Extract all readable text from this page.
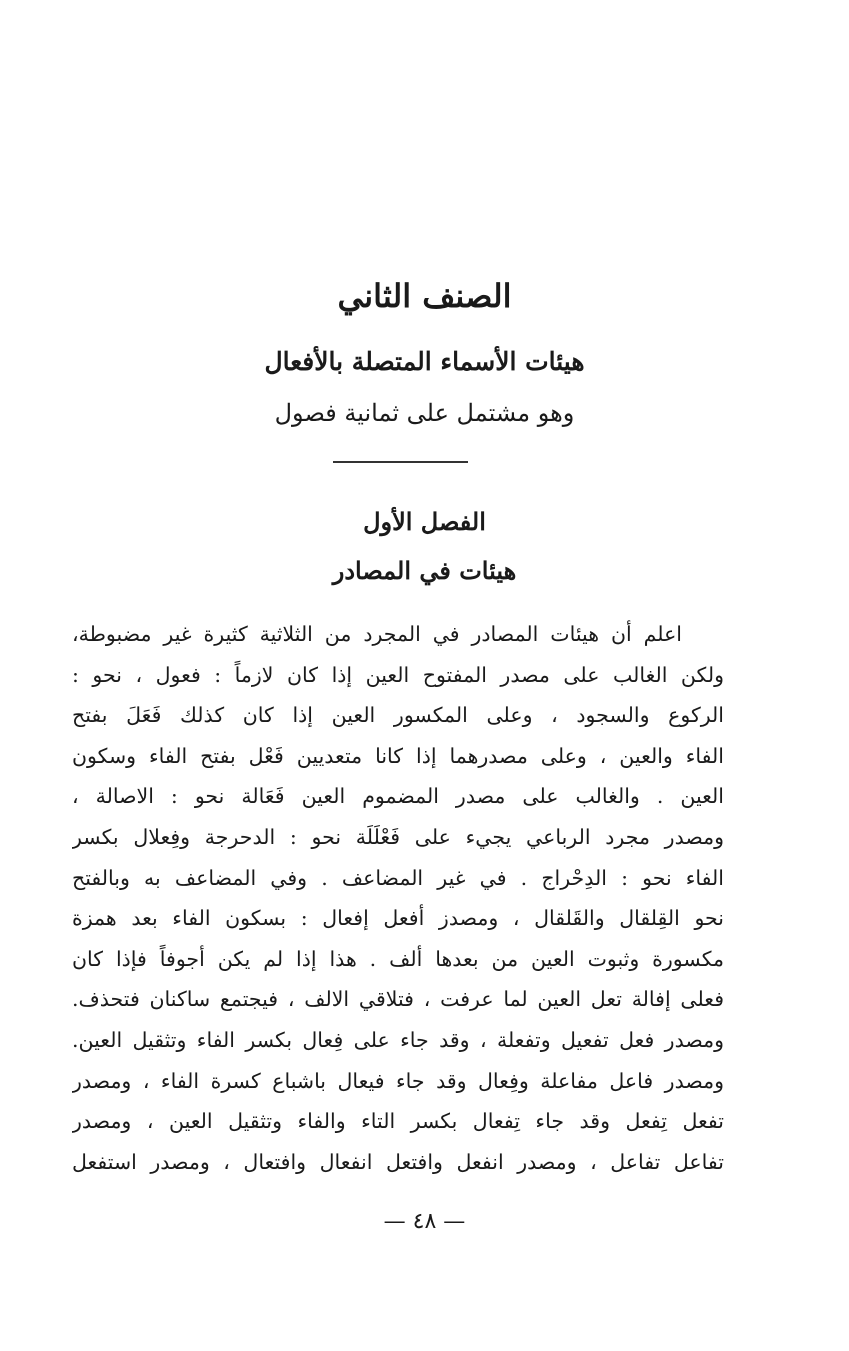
الصنف الثاني
هيئات الأسماء المتصلة بالأفعال
وهو مشتمل على ثمانية فصول
الفصل الأول
هيئات في المصادر
اعلم أن هيئات المصادر في المجرد من الثلاثية كثيرة غير مضبوطة،
ولكن الغالب على مصدر المفتوح العين إذا كان لازماً : فعول ، نحو :
الركوع والسجود ، وعلى المكسور العين إذا كان كذلك فَعَلَ بفتح
الفاء والعين ، وعلى مصدرهما إذا كانا متعديين فَعْل بفتح الفاء وسكون
العين . والغالب على مصدر المضموم العين فَعَالة نحو : الاصالة ،
ومصدر مجرد الرباعي يجيء على فَعْلَلَة نحو : الدحرجة وفِعلال بكسر
الفاء نحو : الدِحْراج . في غير المضاعف . وفي المضاعف به وبالفتح
نحو القِلقال والقَلقال ، ومصدز أفعل إفعال : بسكون الفاء بعد همزة
مكسورة وثبوت العين من بعدها ألف . هذا إذا لم يكن أجوفاً فإذا كان
فعلى إفالة تعل العين لما عرفت ، فتلاقي الالف ، فيجتمع ساكنان فتحذف.
ومصدر فعل تفعيل وتفعلة ، وقد جاء على فِعال بكسر الفاء وتثقيل العين.
ومصدر فاعل مفاعلة وفِعال وقد جاء فيعال باشباع كسرة الفاء ، ومصدر
تفعل تِفعل وقد جاء تِفعال بكسر التاء والفاء وتثقيل العين ، ومصدر
تفاعل تفاعل ، ومصدر انفعل وافتعل انفعال وافتعال ، ومصدر استفعل
— ٤٨ —
